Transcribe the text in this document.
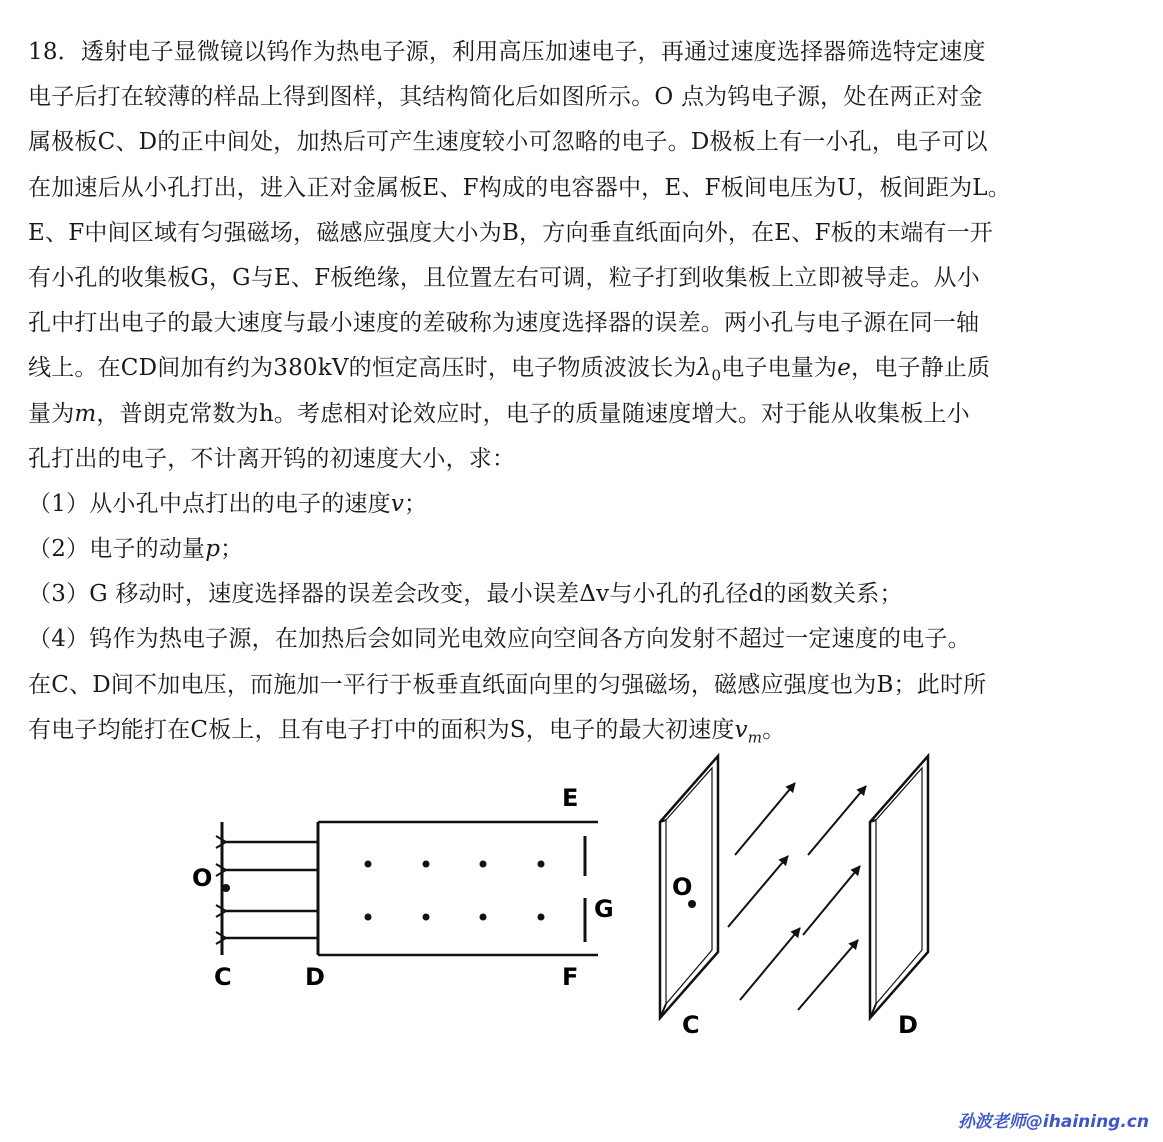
18．透射电子显微镜以钨作为热电子源，利用高压加速电子，再通过速度选择器筛选特定速度
电子后打在较薄的样品上得到图样，其结构简化后如图所示。O 点为钨电子源，处在两正对金
属极板C、D的正中间处，加热后可产生速度较小可忽略的电子。D极板上有一小孔，电子可以
在加速后从小孔打出，进入正对金属板E、F构成的电容器中，E、F板间电压为U，板间距为L。
E、F中间区域有匀强磁场，磁感应强度大小为B，方向垂直纸面向外，在E、F板的末端有一开
有小孔的收集板G，G与E、F板绝缘，且位置左右可调，粒子打到收集板上立即被导走。从小
孔中打出电子的最大速度与最小速度的差破称为速度选择器的误差。两小孔与电子源在同一轴
线上。在CD间加有约为380kV的恒定高压时，电子物质波波长为$\lambda_0$电子电量为e，电子静止质
量为m，普朗克常数为h。考虑相对论效应时，电子的质量随速度增大。对于能从收集板上小
孔打出的电子，不计离开钨的初速度大小，求：
（1）从小孔中点打出的电子的速度v；
（2）电子的动量p；
（3）G 移动时，速度选择器的误差会改变，最小误差Δv与小孔的孔径d的函数关系；
（4）钨作为热电子源，在加热后会如同光电效应向空间各方向发射不超过一定速度的电子。
在C、D间不加电压，而施加一平行于板垂直纸面向里的匀强磁场，磁感应强度也为B；此时所
有电子均能打在C板上，且有电子打中的面积为S，电子的最大初速度$v_m$。
E
F
G
O
C	D
O
C	D
孙波老师@ihaining.cn
